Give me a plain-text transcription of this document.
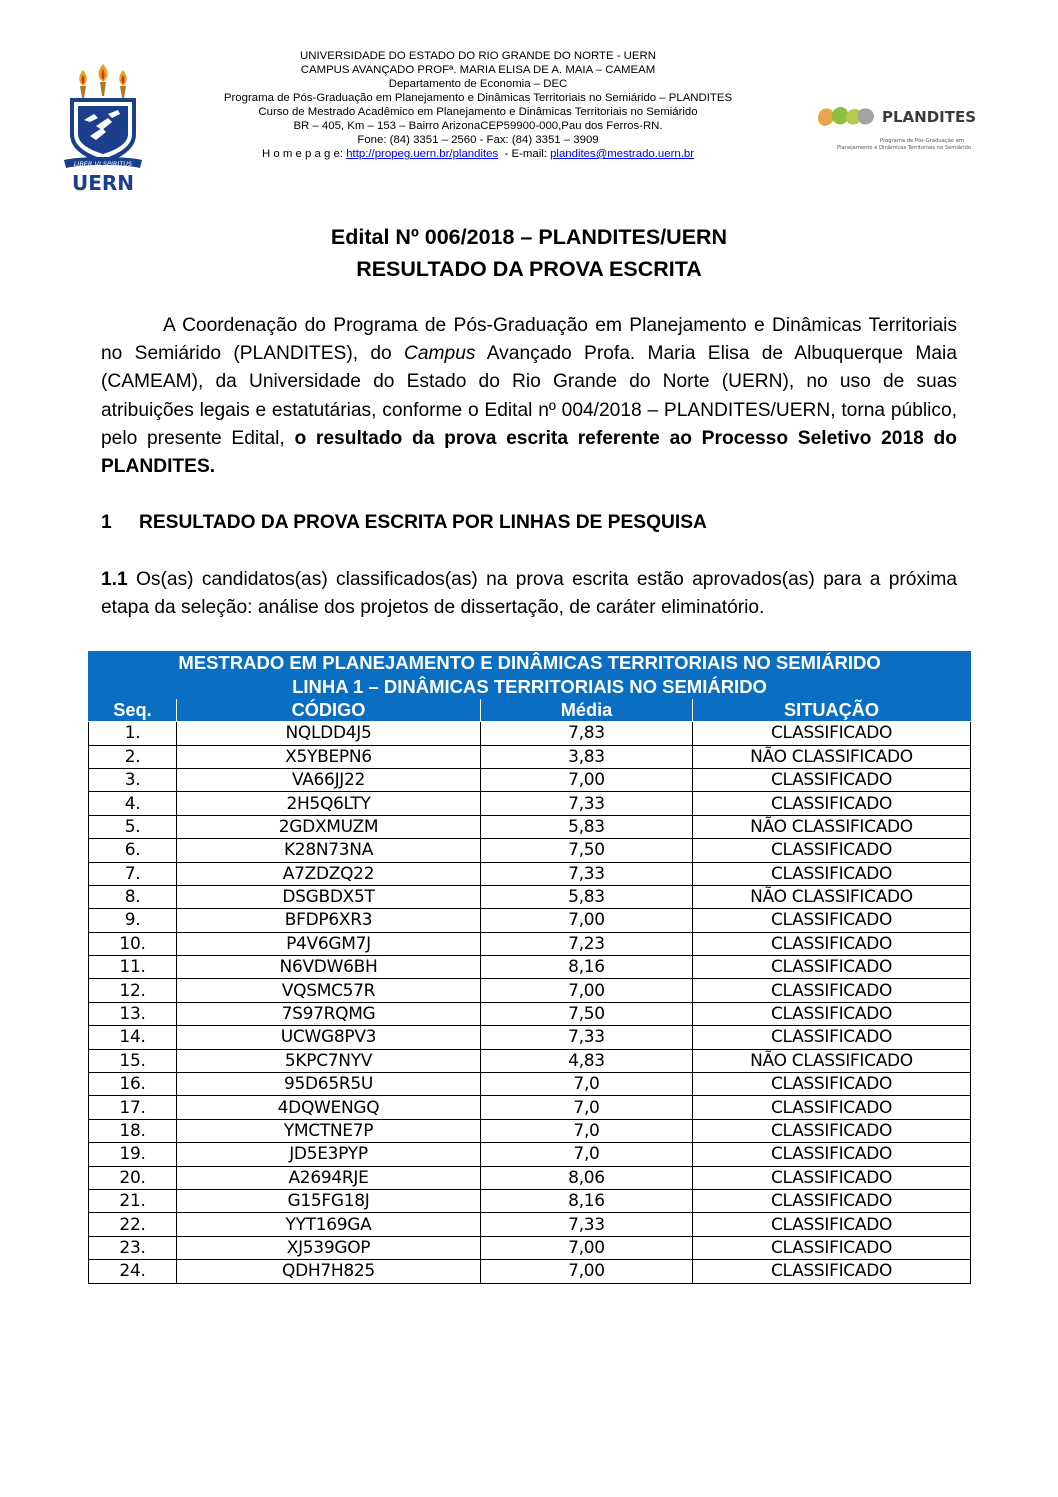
LIBER VI SPIRITUS
UERN
PLANDITES
Programa de Pós-Graduação em
Planejamento e Dinâmicas Territoriais no Semiárido
UNIVERSIDADE DO ESTADO DO RIO GRANDE DO NORTE - UERN
CAMPUS AVANÇADO PROFª. MARIA ELISA DE A. MAIA – CAMEAM
Departamento de Economia – DEC
Programa de Pós-Graduação em Planejamento e Dinâmicas Territoriais no Semiárido – PLANDITES
Curso de Mestrado Acadêmico em Planejamento e Dinâmicas Territoriais no Semiárido
BR – 405, Km – 153 – Bairro ArizonaCEP59900-000,Pau dos Ferros-RN.
Fone: (84) 3351 – 2560 - Fax: (84) 3351 – 3909
H o m e p a g e: http://propeg.uern.br/plandites  - E-mail: plandites@mestrado.uern.br
Edital Nº 006/2018 – PLANDITES/UERN
RESULTADO DA PROVA ESCRITA
A Coordenação do Programa de Pós-Graduação em Planejamento e Dinâmicas Territoriais no Semiárido (PLANDITES), do Campus Avançado Profa. Maria Elisa de Albuquerque Maia (CAMEAM), da Universidade do Estado do Rio Grande do Norte (UERN), no uso de suas atribuições legais e estatutárias, conforme o Edital nº 004/2018 – PLANDITES/UERN, torna público, pelo presente Edital, o resultado da prova escrita referente ao Processo Seletivo 2018 do PLANDITES.
1 RESULTADO DA PROVA ESCRITA POR LINHAS DE PESQUISA
1.1 Os(as) candidatos(as) classificados(as) na prova escrita estão aprovados(as) para a próxima etapa da seleção: análise dos projetos de dissertação, de caráter eliminatório.
MESTRADO EM PLANEJAMENTO E DINÂMICAS TERRITORIAIS NO SEMIÁRIDO			
LINHA 1 – DINÂMICAS TERRITORIAIS NO SEMIÁRIDO			
Seq.	CÓDIGO	Média	SITUAÇÃO
1.	NQLDD4J5	7,83	CLASSIFICADO
2.	X5YBEPN6	3,83	NÃO CLASSIFICADO
3.	VA66JJ22	7,00	CLASSIFICADO
4.	2H5Q6LTY	7,33	CLASSIFICADO
5.	2GDXMUZM	5,83	NÃO CLASSIFICADO
6.	K28N73NA	7,50	CLASSIFICADO
7.	A7ZDZQ22	7,33	CLASSIFICADO
8.	DSGBDX5T	5,83	NÃO CLASSIFICADO
9.	BFDP6XR3	7,00	CLASSIFICADO
10.	P4V6GM7J	7,23	CLASSIFICADO
11.	N6VDW6BH	8,16	CLASSIFICADO
12.	VQSMC57R	7,00	CLASSIFICADO
13.	7S97RQMG	7,50	CLASSIFICADO
14.	UCWG8PV3	7,33	CLASSIFICADO
15.	5KPC7NYV	4,83	NÃO CLASSIFICADO
16.	95D65R5U	7,0	CLASSIFICADO
17.	4DQWENGQ	7,0	CLASSIFICADO
18.	YMCTNE7P	7,0	CLASSIFICADO
19.	JD5E3PYP	7,0	CLASSIFICADO
20.	A2694RJE	8,06	CLASSIFICADO
21.	G15FG18J	8,16	CLASSIFICADO
22.	YYT169GA	7,33	CLASSIFICADO
23.	XJ539GOP	7,00	CLASSIFICADO
24.	QDH7H825	7,00	CLASSIFICADO
